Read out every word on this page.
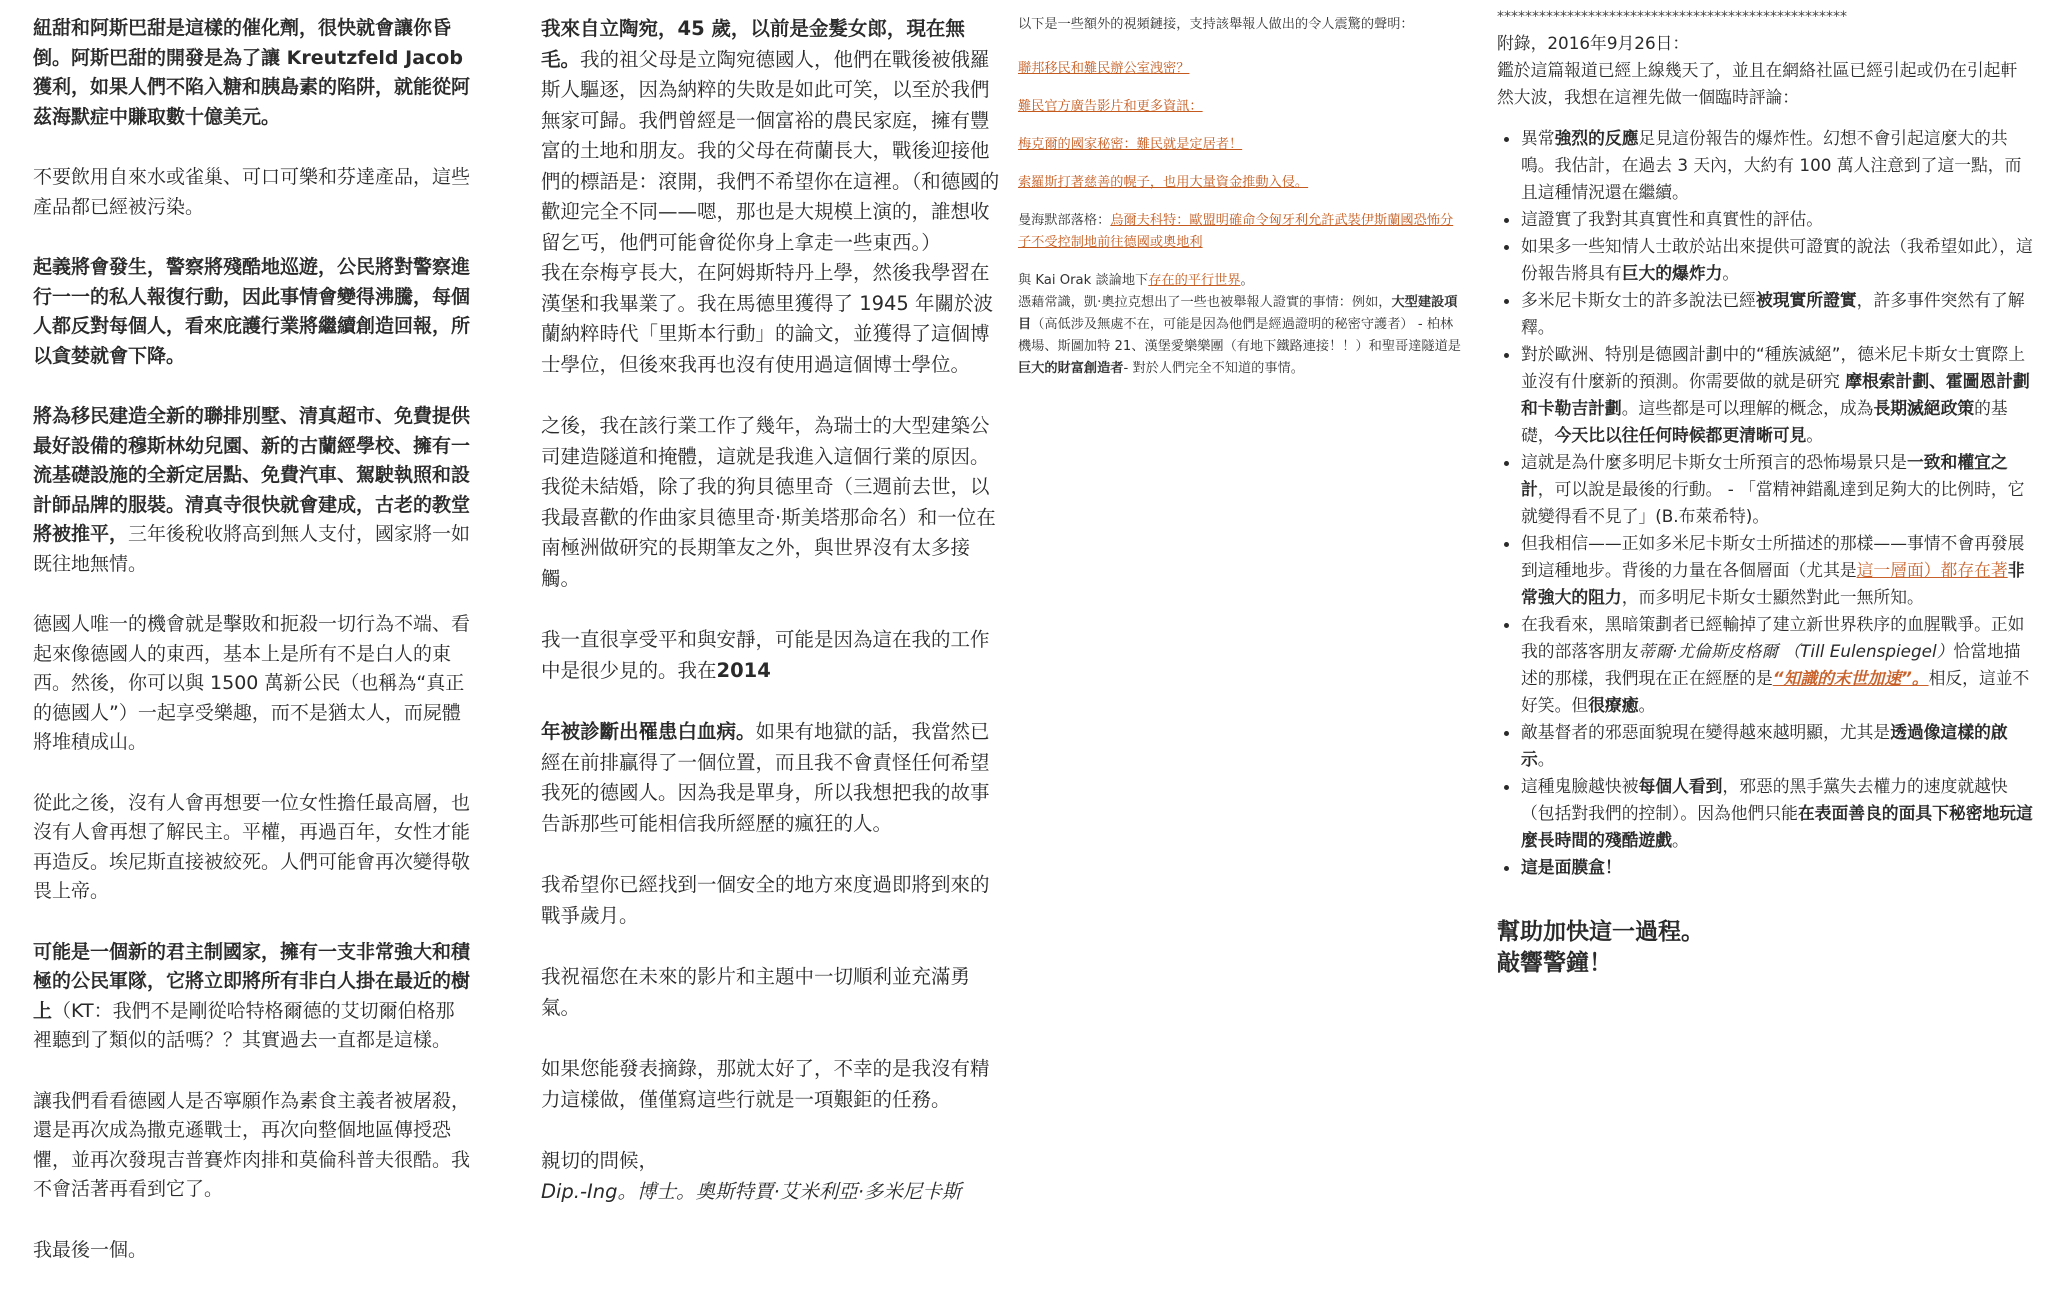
紐甜和阿斯巴甜是這樣的催化劑，很快就會讓你昏倒。阿斯巴甜的開發是為了讓 Kreutzfeld Jacob 獲利，如果人們不陷入糖和胰島素的陷阱，就能從阿茲海默症中賺取數十億美元。

不要飲用自來水或雀巢、可口可樂和芬達產品，這些產品都已經被污染。

起義將會發生，警察將殘酷地巡遊，公民將對警察進行一一的私人報復行動，因此事情會變得沸騰，每個人都反對每個人，看來庇護行業將繼續創造回報，所以貪婪就會下降。

將為移民建造全新的聯排別墅、清真超市、免費提供最好設備的穆斯林幼兒園、新的古蘭經學校、擁有一流基礎設施的全新定居點、免費汽車、駕駛執照和設計師品牌的服裝。清真寺很快就會建成，古老的教堂將被推平，三年後稅收將高到無人支付，國家將一如既往地無情。

德國人唯一的機會就是擊敗和扼殺一切行為不端、看起來像德國人的東西，基本上是所有不是白人的東西。然後，你可以與 1500 萬新公民（也稱為“真正的德國人”）一起享受樂趣，而不是猶太人，而屍體將堆積成山。

從此之後，沒有人會再想要一位女性擔任最高層，也沒有人會再想了解民主。平權，再過百年，女性才能再造反。埃尼斯直接被絞死。人們可能會再次變得敬畏上帝。

可能是一個新的君主制國家，擁有一支非常強大和積極的公民軍隊，它將立即將所有非白人掛在最近的樹上（KT：我們不是剛從哈特格爾德的艾切爾伯格那裡聽到了類似的話嗎？？其實過去一直都是這樣。

讓我們看看德國人是否寧願作為素食主義者被屠殺，還是再次成為撒克遜戰士，再次向整個地區傳授恐懼，並再次發現吉普賽炸肉排和莫倫科普夫很酷。我不會活著再看到它了。

我最後一個。

我來自立陶宛，45 歲，以前是金髮女郎，現在無毛。我的祖父母是立陶宛德國人，他們在戰後被俄羅斯人驅逐，因為納粹的失敗是如此可笑，以至於我們無家可歸。我們曾經是一個富裕的農民家庭，擁有豐富的土地和朋友。我的父母在荷蘭長大，戰後迎接他們的標語是：滾開，我們不希望你在這裡。（和德國的歡迎完全不同——嗯，那也是大規模上演的，誰想收留乞丐，他們可能會從你身上拿走一些東西。）
我在奈梅亨長大，在阿姆斯特丹上學，然後我學習在漢堡和我畢業了。我在馬德里獲得了 1945 年關於波蘭納粹時代「里斯本行動」的論文，並獲得了這個博士學位，但後來我再也沒有使用過這個博士學位。

之後，我在該行業工作了幾年，為瑞士的大型建築公司建造隧道和掩體，這就是我進入這個行業的原因。我從未結婚，除了我的狗貝德里奇（三週前去世，以我最喜歡的作曲家貝德里奇·斯美塔那命名）和一位在南極洲做研究的長期筆友之外，與世界沒有太多接觸。

我一直很享受平和與安靜，可能是因為這在我的工作中是很少見的。我在2014

年被診斷出罹患白血病。如果有地獄的話，我當然已經在前排贏得了一個位置，而且我不會責怪任何希望我死的德國人。因為我是單身，所以我想把我的故事告訴那些可能相信我所經歷的瘋狂的人。

我希望你已經找到一個安全的地方來度過即將到來的戰爭歲月。

我祝福您在未來的影片和主題中一切順利並充滿勇氣。

如果您能發表摘錄，那就太好了，不幸的是我沒有精力這樣做，僅僅寫這些行就是一項艱鉅的任務。

親切的問候，

Dip.-Ing。博士。奧斯特賈·艾米利亞·多米尼卡斯

以下是一些額外的視頻鏈接，支持該舉報人做出的令人震驚的聲明：

聯邦移民和難民辦公室洩密？

難民官方廣告影片和更多資訊：

梅克爾的國家秘密：難民就是定居者！

索羅斯打著慈善的幌子，也用大量資金推動入侵。

曼海默部落格：烏爾夫科特：歐盟明確命令匈牙利允許武裝伊斯蘭國恐怖分子不受控制地前往德國或奧地利

與 Kai Orak 談論地下存在的平行世界。
憑藉常識，凱·奧拉克想出了一些也被舉報人證實的事情：例如，大型建設項目（高低涉及無處不在，可能是因為他們是經過證明的秘密守護者） - 柏林機場、斯圖加特 21、漢堡愛樂樂團（有地下鐵路連接！！）和聖哥達隧道是巨大的財富創造者- 對於人們完全不知道的事情。

**************************************************

附錄，2016年9月26日：

鑑於這篇報道已經上線幾天了，並且在網絡社區已經引起或仍在引起軒然大波，我想在這裡先做一個臨時評論：

• 異常強烈的反應足見這份報告的爆炸性。幻想不會引起這麼大的共鳴。我估計，在過去 3 天內，大約有 100 萬人注意到了這一點，而且這種情況還在繼續。
• 這證實了我對其真實性和真實性的評估。
• 如果多一些知情人士敢於站出來提供可證實的說法（我希望如此），這份報告將具有巨大的爆炸力。
• 多米尼卡斯女士的許多說法已經被現實所證實，許多事件突然有了解釋。
• 對於歐洲、特別是德國計劃中的“種族滅絕”，德米尼卡斯女士實際上並沒有什麼新的預測。你需要做的就是研究 摩根索計劃、霍圖恩計劃和卡勒吉計劃。這些都是可以理解的概念，成為長期滅絕政策的基礎，今天比以往任何時候都更清晰可見。
• 這就是為什麼多明尼卡斯女士所預言的恐怖場景只是一致和權宜之計，可以說是最後的行動。 - 「當精神錯亂達到足夠大的比例時，它就變得看不見了」(B.布萊希特)。
• 但我相信——正如多米尼卡斯女士所描述的那樣——事情不會再發展到這種地步。背後的力量在各個層面（尤其是這一層面）都存在著非常強大的阻力，而多明尼卡斯女士顯然對此一無所知。
• 在我看來，黑暗策劃者已經輸掉了建立新世界秩序的血腥戰爭。正如我的部落客朋友蒂爾·尤倫斯皮格爾 （Till Eulenspiegel）恰當地描述的那樣，我們現在正在經歷的是“知識的末世加速”。相反，這並不好笑。但很療癒。
• 敵基督者的邪惡面貌現在變得越來越明顯，尤其是透過像這樣的啟示。
• 這種鬼臉越快被每個人看到，邪惡的黑手黨失去權力的速度就越快（包括對我們的控制）。因為他們只能在表面善良的面具下秘密地玩這麼長時間的殘酷遊戲。
• 這是面膜盒！
幫助加快這一過程。
敲響警鐘！
